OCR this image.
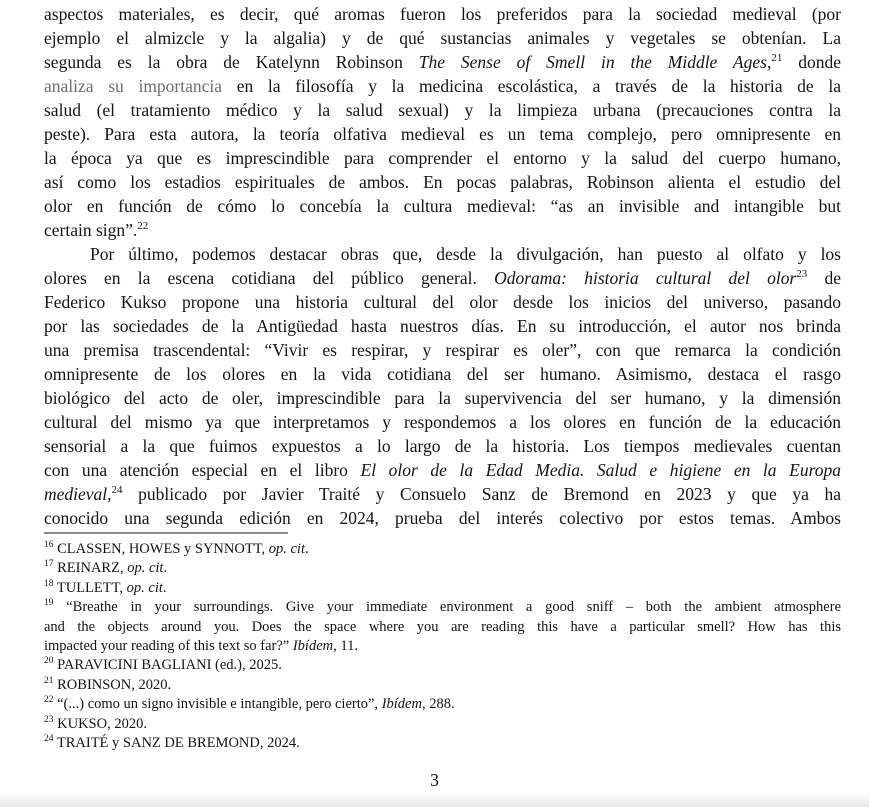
aspectos materiales, es decir, qué aromas fueron los preferidos para la sociedad medieval (por
ejemplo el almizcle y la algalia) y de qué sustancias animales y vegetales se obtenían. La
segunda es la obra de Katelynn Robinson The Sense of Smell in the Middle Ages,$^{21}$ donde
analiza su importancia en la filosofía y la medicina escolástica, a través de la historia de la
salud (el tratamiento médico y la salud sexual) y la limpieza urbana (precauciones contra la
peste). Para esta autora, la teoría olfativa medieval es un tema complejo, pero omnipresente en
la época ya que es imprescindible para comprender el entorno y la salud del cuerpo humano,
así como los estadios espirituales de ambos. En pocas palabras, Robinson alienta el estudio del
olor en función de cómo lo concebía la cultura medieval: “as an invisible and intangible but
certain sign”.$^{22}$
Por último, podemos destacar obras que, desde la divulgación, han puesto al olfato y los
olores en la escena cotidiana del público general. Odorama: historia cultural del olor$^{23}$ de
Federico Kukso propone una historia cultural del olor desde los inicios del universo, pasando
por las sociedades de la Antigüedad hasta nuestros días. En su introducción, el autor nos brinda
una premisa trascendental: “Vivir es respirar, y respirar es oler”, con que remarca la condición
omnipresente de los olores en la vida cotidiana del ser humano. Asimismo, destaca el rasgo
biológico del acto de oler, imprescindible para la supervivencia del ser humano, y la dimensión
cultural del mismo ya que interpretamos y respondemos a los olores en función de la educación
sensorial a la que fuimos expuestos a lo largo de la historia. Los tiempos medievales cuentan
con una atención especial en el libro El olor de la Edad Media. Salud e higiene en la Europa
medieval,$^{24}$ publicado por Javier Traité y Consuelo Sanz de Bremond en 2023 y que ya ha
conocido una segunda edición en 2024, prueba del interés colectivo por estos temas. Ambos
$^{16}$ CLASSEN, HOWES y SYNNOTT, op. cit.
$^{17}$ REINARZ, op. cit.
$^{18}$ TULLETT, op. cit.
$^{19}$ “Breathe in your surroundings. Give your immediate environment a good sniff – both the ambient atmosphere
and the objects around you. Does the space where you are reading this have a particular smell? How has this
impacted your reading of this text so far?” Ibídem, 11.
$^{20}$ PARAVICINI BAGLIANI (ed.), 2025.
$^{21}$ ROBINSON, 2020.
$^{22}$ “(...) como un signo invisible e intangible, pero cierto”, Ibídem, 288.
$^{23}$ KUKSO, 2020.
$^{24}$ TRAITÉ y SANZ DE BREMOND, 2024.
3
